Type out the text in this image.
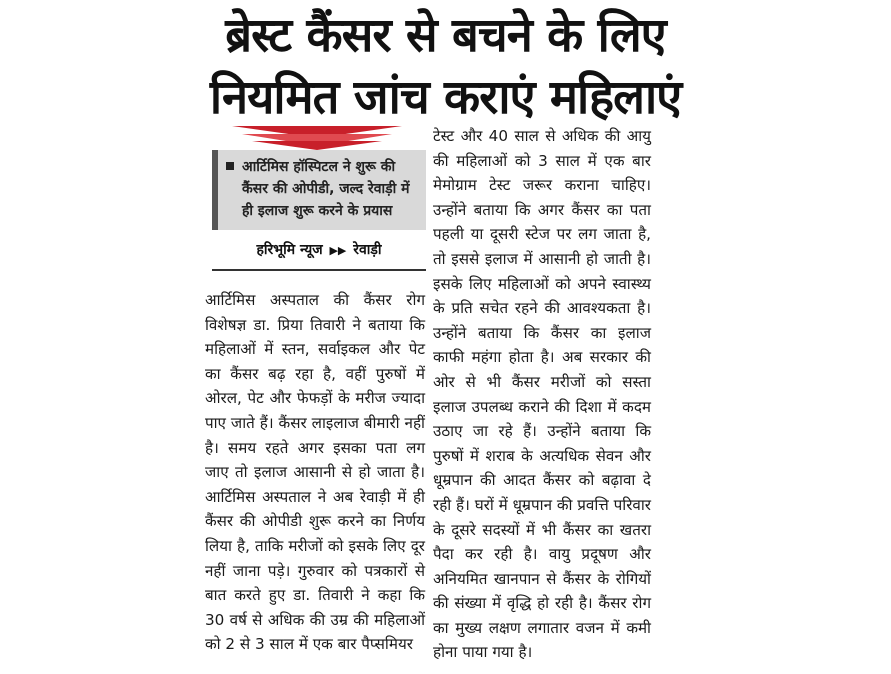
ब्रेस्ट कैंसर से बचने के लिए
नियमित जांच कराएं महिलाएं
आर्टिमिस हॉस्पिटल ने शुरू की कैंसर की ओपीडी, जल्द रेवाड़ी में ही इलाज शुरू करने के प्रयास
हरिभूमि न्यूज ▶▶ रेवाड़ी

आर्टिमिस अस्पताल की कैंसर रोग विशेषज्ञ डा. प्रिया तिवारी ने बताया कि महिलाओं में स्तन, सर्वाइकल और पेट का कैंसर बढ़ रहा है, वहीं पुरुषों में ओरल, पेट और फेफड़ों के मरीज ज्यादा पाए जाते हैं। कैंसर लाइलाज बीमारी नहीं है। समय रहते अगर इसका पता लग जाए तो इलाज आसानी से हो जाता है। आर्टिमिस अस्पताल ने अब रेवाड़ी में ही कैंसर की ओपीडी शुरू करने का निर्णय लिया है, ताकि मरीजों को इसके लिए दूर नहीं जाना पड़े। गुरुवार को पत्रकारों से बात करते हुए डा. तिवारी ने कहा कि 30 वर्ष से अधिक की उम्र की महिलाओं को 2 से 3 साल में एक बार पैप्समियर

टेस्ट और 40 साल से अधिक की आयु की महिलाओं को 3 साल में एक बार मेमोग्राम टेस्ट जरूर कराना चाहिए। उन्होंने बताया कि अगर कैंसर का पता पहली या दूसरी स्टेज पर लग जाता है, तो इससे इलाज में आसानी हो जाती है। इसके लिए महिलाओं को अपने स्वास्थ्य के प्रति सचेत रहने की आवश्यकता है। उन्होंने बताया कि कैंसर का इलाज काफी महंगा होता है। अब सरकार की ओर से भी कैंसर मरीजों को सस्ता इलाज उपलब्ध कराने की दिशा में कदम उठाए जा रहे हैं। उन्होंने बताया कि पुरुषों में शराब के अत्यधिक सेवन और धूम्रपान की आदत कैंसर को बढ़ावा दे रही हैं। घरों में धूम्रपान की प्रवत्ति परिवार के दूसरे सदस्यों में भी कैंसर का खतरा पैदा कर रही है। वायु प्रदूषण और अनियमित खानपान से कैंसर के रोगियों की संख्या में वृद्धि हो रही है। कैंसर रोग का मुख्य लक्षण लगातार वजन में कमी होना पाया गया है।
